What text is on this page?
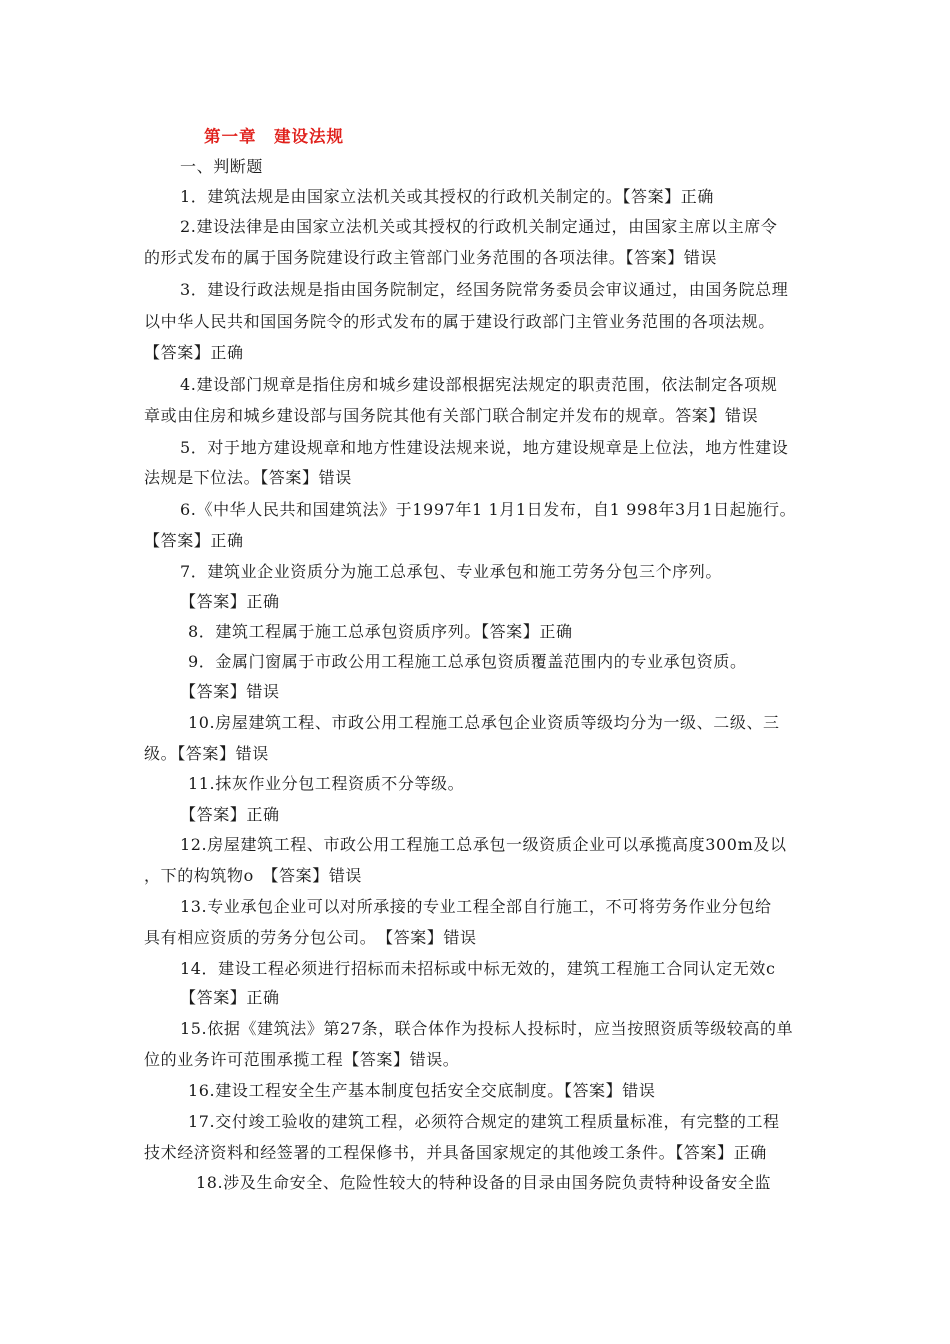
第一章　建设法规
一、判断题
1．建筑法规是由国家立法机关或其授权的行政机关制定的。【答案】正确
2.建设法律是由国家立法机关或其授权的行政机关制定通过，由国家主席以主席令
的形式发布的属于国务院建设行政主管部门业务范围的各项法律。【答案】错误
3．建设行政法规是指由国务院制定，经国务院常务委员会审议通过，由国务院总理
以中华人民共和国国务院令的形式发布的属于建设行政部门主管业务范围的各项法规。
【答案】正确
4.建设部门规章是指住房和城乡建设部根据宪法规定的职责范围，依法制定各项规
章或由住房和城乡建设部与国务院其他有关部门联合制定并发布的规章。答案】错误
5．对于地方建设规章和地方性建设法规来说，地方建设规章是上位法，地方性建设
法规是下位法。【答案】错误
6.《中华人民共和国建筑法》于1997年1 1月1日发布，自1 998年3月1日起施行。
【答案】正确
7．建筑业企业资质分为施工总承包、专业承包和施工劳务分包三个序列。
【答案】正确
8．建筑工程属于施工总承包资质序列。【答案】正确
9．金属门窗属于市政公用工程施工总承包资质覆盖范围内的专业承包资质。
【答案】错误
10.房屋建筑工程、市政公用工程施工总承包企业资质等级均分为一级、二级、三
级。【答案】错误
11.抹灰作业分包工程资质不分等级。
【答案】正确
12.房屋建筑工程、市政公用工程施工总承包一级资质企业可以承揽高度300m及以
，下的构筑物o　【答案】错误
13.专业承包企业可以对所承接的专业工程全部自行施工，不可将劳务作业分包给
具有相应资质的劳务分包公司。　【答案】错误
14．建设工程必须进行招标而未招标或中标无效的，建筑工程施工合同认定无效c
【答案】正确
15.依据《建筑法》第27条，联合体作为投标人投标时，应当按照资质等级较高的单
位的业务许可范围承揽工程【答案】错误。
16.建设工程安全生产基本制度包括安全交底制度。【答案】错误
17.交付竣工验收的建筑工程，必须符合规定的建筑工程质量标准，有完整的工程
技术经济资料和经签署的工程保修书，并具备国家规定的其他竣工条件。【答案】正确
18.涉及生命安全、危险性较大的特种设备的目录由国务院负责特种设备安全监
